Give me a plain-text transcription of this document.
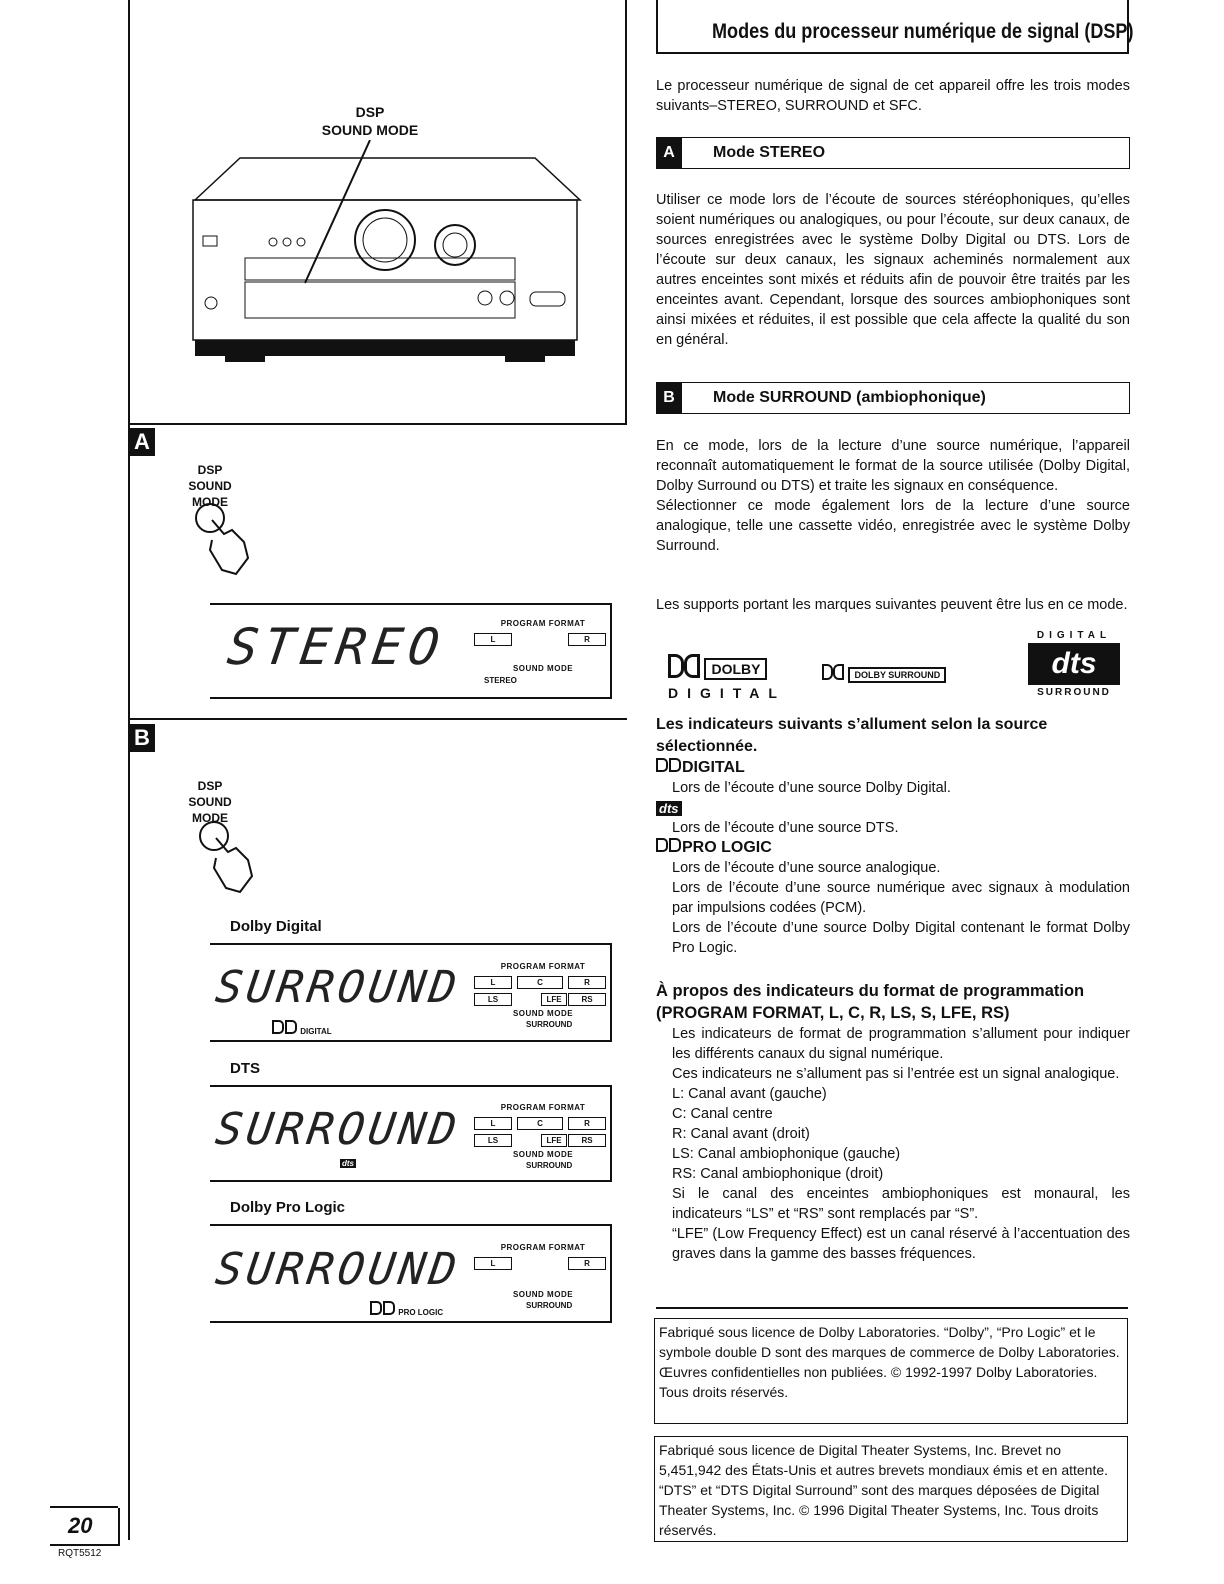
DSP
SOUND MODE
A
DSP
SOUND MODE
STEREO	PROGRAM FORMAT
L	R
SOUND MODE
STEREO
B
DSP
SOUND MODE
Dolby Digital
SURROUND	PROGRAM FORMAT
L	C	R
LS	LFE	RS
SOUND MODE
SURROUND
DIGITAL
DTS
SURROUND	PROGRAM FORMAT
L	C	R
LS	LFE	RS
SOUND MODE
SURROUND
dts
Dolby Pro Logic
SURROUND	PROGRAM FORMAT
L	R
SOUND MODE
SURROUND
PRO LOGIC
20
RQT5512
Modes du processeur numérique de signal (DSP)

Le processeur numérique de signal de cet appareil offre les trois modes suivants–STEREO, SURROUND et SFC.

A	Mode STEREO

Utiliser ce mode lors de l’écoute de sources stéréophoniques, qu’elles soient numériques ou analogiques, ou pour l’écoute, sur deux canaux, de sources enregistrées avec le système Dolby Digital ou DTS. Lors de l’écoute sur deux canaux, les signaux acheminés normalement aux autres enceintes sont mixés et réduits afin de pouvoir être traités par les enceintes avant. Cependant, lorsque des sources ambiophoniques sont ainsi mixées et réduites, il est possible que cela affecte la qualité du son en général.

B	Mode SURROUND (ambiophonique)

En ce mode, lors de la lecture d’une source numérique, l’appareil reconnaît automatiquement le format de la source utilisée (Dolby Digital, Dolby Surround ou DTS) et traite les signaux en conséquence.

Sélectionner ce mode également lors de la lecture d’une source analogique, telle une cassette vidéo, enregistrée avec le système Dolby Surround.

Les supports portant les marques suivantes peuvent être lus en ce mode.

DOLBY
DIGITAL
DOLBY SURROUND
DIGITAL
dts
SURROUND

Les indicateurs suivants s’allument selon la source sélectionnée.

DIGITAL

Lors de l’écoute d’une source Dolby Digital.

dts

Lors de l’écoute d’une source DTS.

PRO LOGIC

Lors de l’écoute d’une source analogique.

Lors de l’écoute d’une source numérique avec signaux à modulation par impulsions codées (PCM).

Lors de l’écoute d’une source Dolby Digital contenant le format Dolby Pro Logic.

À propos des indicateurs du format de programmation

(PROGRAM FORMAT, L, C, R, LS, S, LFE, RS)

Les indicateurs de format de programmation s’allument pour indiquer les différents canaux du signal numérique.

Ces indicateurs ne s’allument pas si l’entrée est un signal analogique.

L: Canal avant (gauche)

C: Canal centre

R: Canal avant (droit)

LS: Canal ambiophonique (gauche)

RS: Canal ambiophonique (droit)

Si le canal des enceintes ambiophoniques est monaural, les indicateurs “LS” et “RS” sont remplacés par “S”.

“LFE” (Low Frequency Effect) est un canal réservé à l’accentuation des graves dans la gamme des basses fréquences.

Fabriqué sous licence de Dolby Laboratories. “Dolby”, “Pro Logic” et le symbole double D sont des marques de commerce de Dolby Laboratories. Œuvres confidentielles non publiées. © 1992-1997 Dolby Laboratories. Tous droits réservés.
Fabriqué sous licence de Digital Theater Systems, Inc. Brevet no 5,451,942 des États-Unis et autres brevets mondiaux émis et en attente. “DTS” et “DTS Digital Surround” sont des marques déposées de Digital Theater Systems, Inc. © 1996 Digital Theater Systems, Inc. Tous droits réservés.
